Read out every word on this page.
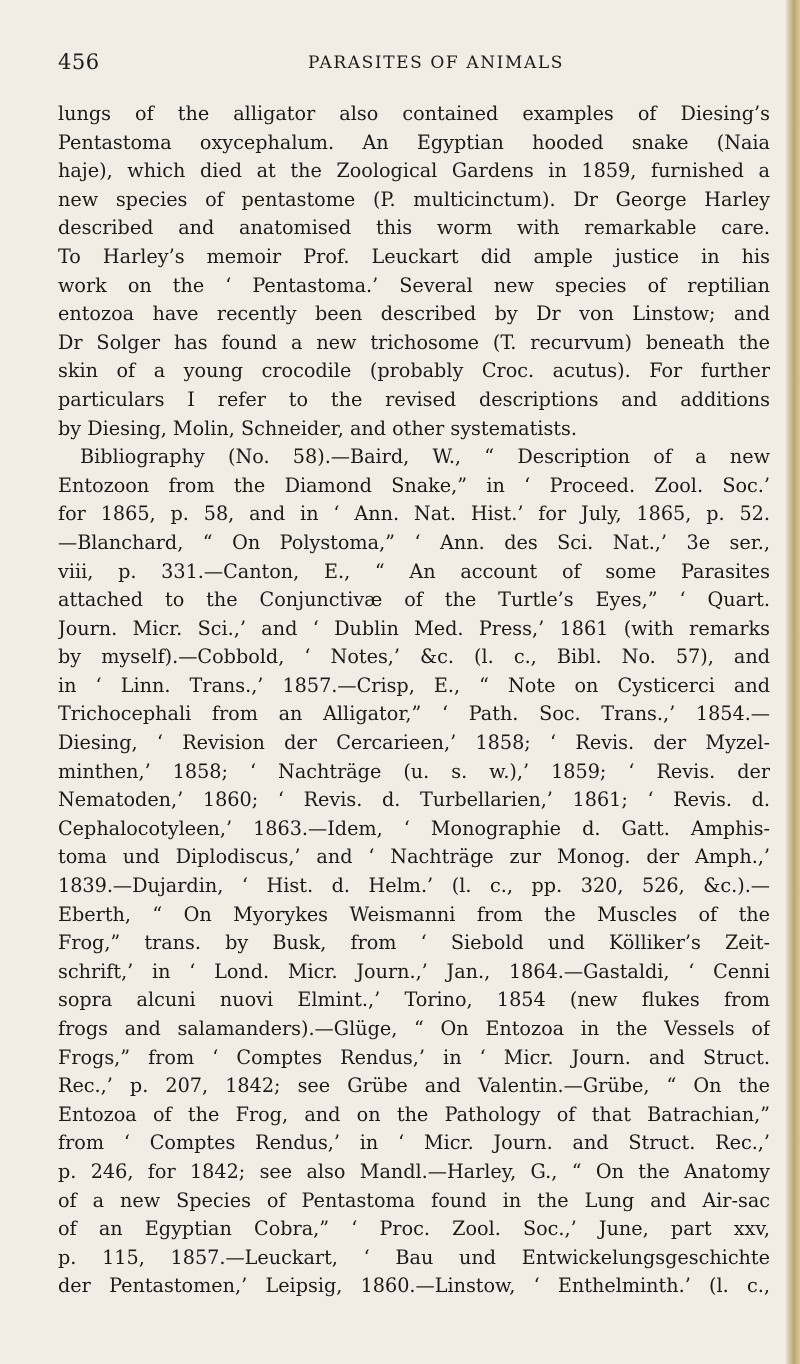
456	PARASITES OF ANIMALS
lungs of the alligator also contained examples of Diesing’s
Pentastoma oxycephalum. An Egyptian hooded snake (Naia
haje), which died at the Zoological Gardens in 1859, furnished a
new species of pentastome (P. multicinctum). Dr George Harley
described and anatomised this worm with remarkable care.
To Harley’s memoir Prof. Leuckart did ample justice in his
work on the ‘ Pentastoma.’ Several new species of reptilian
entozoa have recently been described by Dr von Linstow; and
Dr Solger has found a new trichosome (T. recurvum) beneath the
skin of a young crocodile (probably Croc. acutus). For further
particulars I refer to the revised descriptions and additions
by Diesing, Molin, Schneider, and other systematists.
Bibliography (No. 58).—Baird, W., “ Description of a new
Entozoon from the Diamond Snake,” in ‘ Proceed. Zool. Soc.’
for 1865, p. 58, and in ‘ Ann. Nat. Hist.’ for July, 1865, p. 52.
—Blanchard, “ On Polystoma,” ‘ Ann. des Sci. Nat.,’ 3e ser.,
viii, p. 331.—Canton, E., “ An account of some Parasites
attached to the Conjunctivæ of the Turtle’s Eyes,” ‘ Quart.
Journ. Micr. Sci.,’ and ‘ Dublin Med. Press,’ 1861 (with remarks
by myself).—Cobbold, ‘ Notes,’ &c. (l. c., Bibl. No. 57), and
in ‘ Linn. Trans.,’ 1857.—Crisp, E., “ Note on Cysticerci and
Trichocephali from an Alligator,” ‘ Path. Soc. Trans.,’ 1854.—
Diesing, ‘ Revision der Cercarieen,’ 1858; ‘ Revis. der Myzel-
minthen,’ 1858; ‘ Nachträge (u. s. w.),’ 1859; ‘ Revis. der
Nematoden,’ 1860; ‘ Revis. d. Turbellarien,’ 1861; ‘ Revis. d.
Cephalocotyleen,’ 1863.—Idem, ‘ Monographie d. Gatt. Amphis-
toma und Diplodiscus,’ and ‘ Nachträge zur Monog. der Amph.,’
1839.—Dujardin, ‘ Hist. d. Helm.’ (l. c., pp. 320, 526, &c.).—
Eberth, “ On Myorykes Weismanni from the Muscles of the
Frog,” trans. by Busk, from ‘ Siebold und Kölliker’s Zeit-
schrift,’ in ‘ Lond. Micr. Journ.,’ Jan., 1864.—Gastaldi, ‘ Cenni
sopra alcuni nuovi Elmint.,’ Torino, 1854 (new flukes from
frogs and salamanders).—Glüge, “ On Entozoa in the Vessels of
Frogs,” from ‘ Comptes Rendus,’ in ‘ Micr. Journ. and Struct.
Rec.,’ p. 207, 1842; see Grübe and Valentin.—Grübe, “ On the
Entozoa of the Frog, and on the Pathology of that Batrachian,”
from ‘ Comptes Rendus,’ in ‘ Micr. Journ. and Struct. Rec.,’
p. 246, for 1842; see also Mandl.—Harley, G., “ On the Anatomy
of a new Species of Pentastoma found in the Lung and Air-sac
of an Egyptian Cobra,” ‘ Proc. Zool. Soc.,’ June, part xxv,
p. 115, 1857.—Leuckart, ‘ Bau und Entwickelungsgeschichte
der Pentastomen,’ Leipsig, 1860.—Linstow, ‘ Enthelminth.’ (l. c.,
